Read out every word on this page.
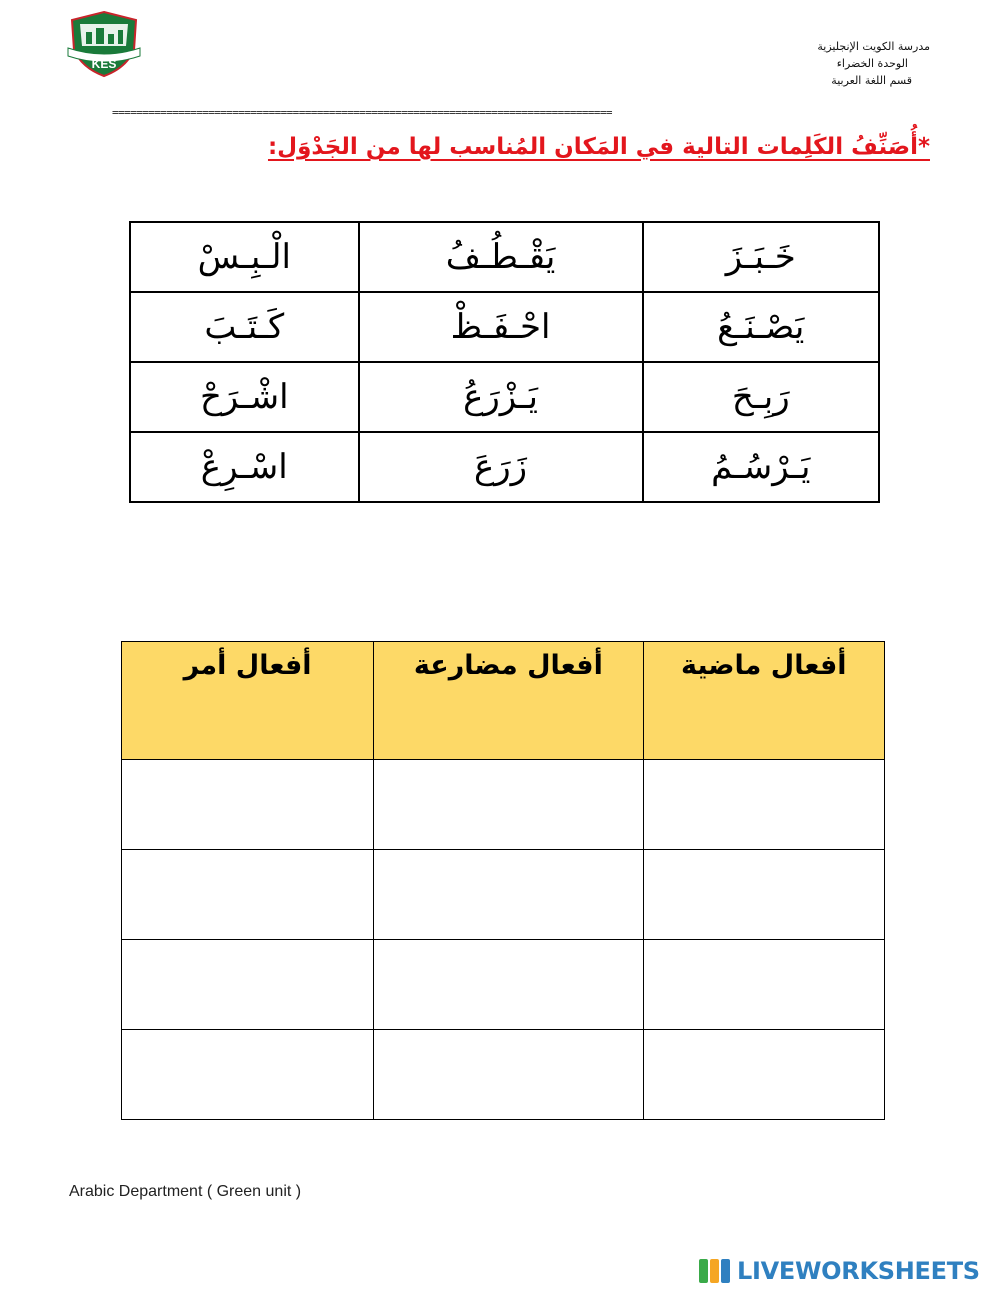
KES
مدرسة الكويت الإنجليزية
الوحدة الخضراء
قسم اللغة العربية
===================================================================================
*أُصَنِّفُ الكَلِمات التالية في المَكان المُناسب لها من الجَدْوَل:
خَـبَـزَ	يَقْـطُـفُ	الْـبِـسْ
يَصْـنَـعُ	احْـفَـظْ	كَـتَـبَ
رَبِـحَ	يَـزْرَعُ	اشْـرَحْ
يَـرْسُـمُ	زَرَعَ	اسْـرِعْ
أفعال ماضية	أفعال مضارعة	أفعال أمر

Arabic Department ( Green unit )
LIVEWORKSHEETS
